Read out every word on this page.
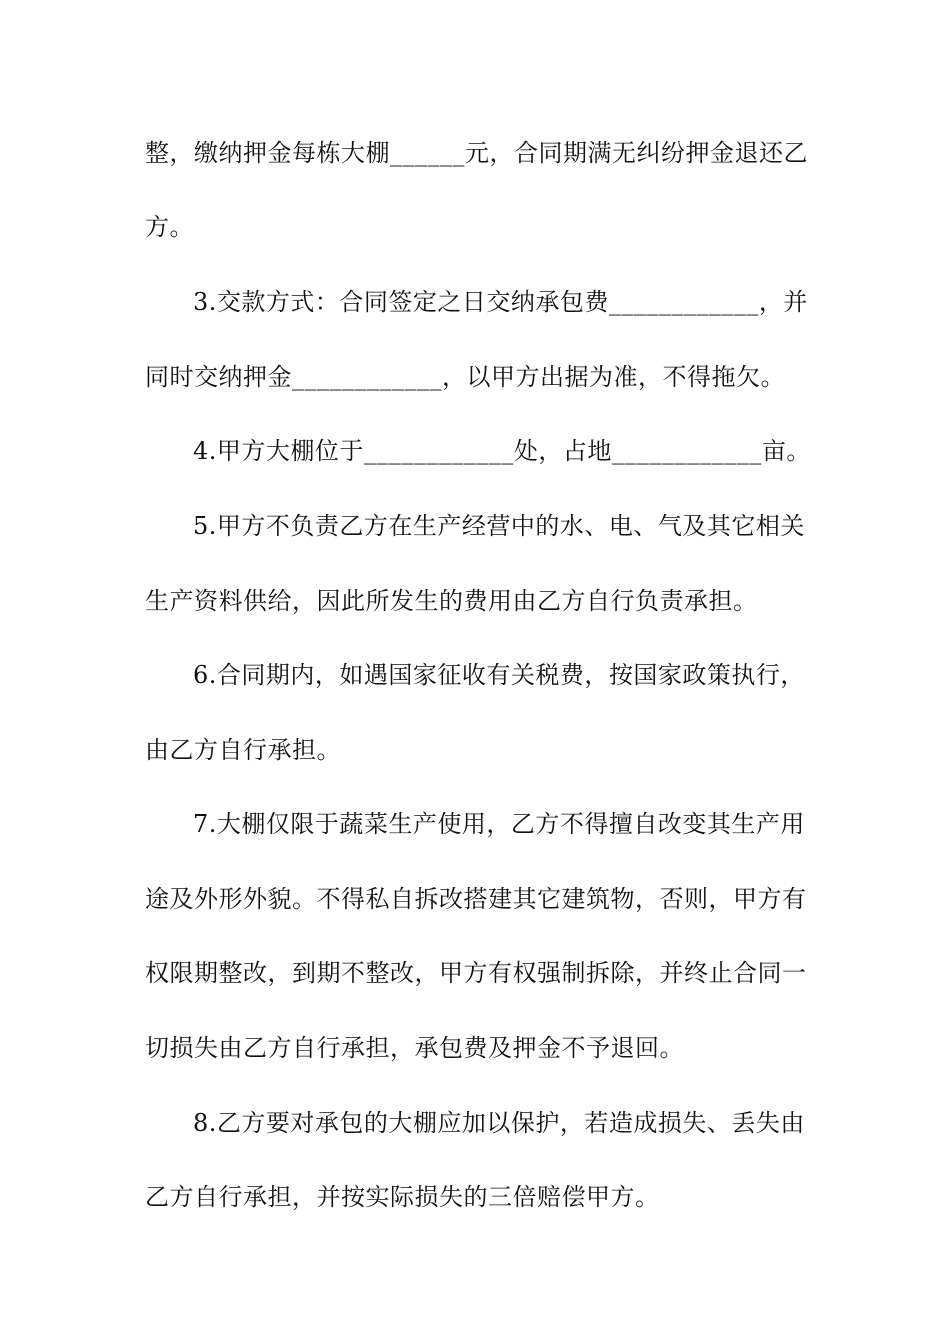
整，缴纳押金每栋大棚______元，合同期满无纠纷押金退还乙
方。
3.交款方式：合同签定之日交纳承包费____________，并
同时交纳押金____________，以甲方出据为准，不得拖欠。
4.甲方大棚位于____________处，占地____________亩。
5.甲方不负责乙方在生产经营中的水、电、气及其它相关
生产资料供给，因此所发生的费用由乙方自行负责承担。
6.合同期内，如遇国家征收有关税费，按国家政策执行，
由乙方自行承担。
7.大棚仅限于蔬菜生产使用，乙方不得擅自改变其生产用
途及外形外貌。不得私自拆改搭建其它建筑物，否则，甲方有
权限期整改，到期不整改，甲方有权强制拆除，并终止合同一
切损失由乙方自行承担，承包费及押金不予退回。
8.乙方要对承包的大棚应加以保护，若造成损失、丢失由
乙方自行承担，并按实际损失的三倍赔偿甲方。
